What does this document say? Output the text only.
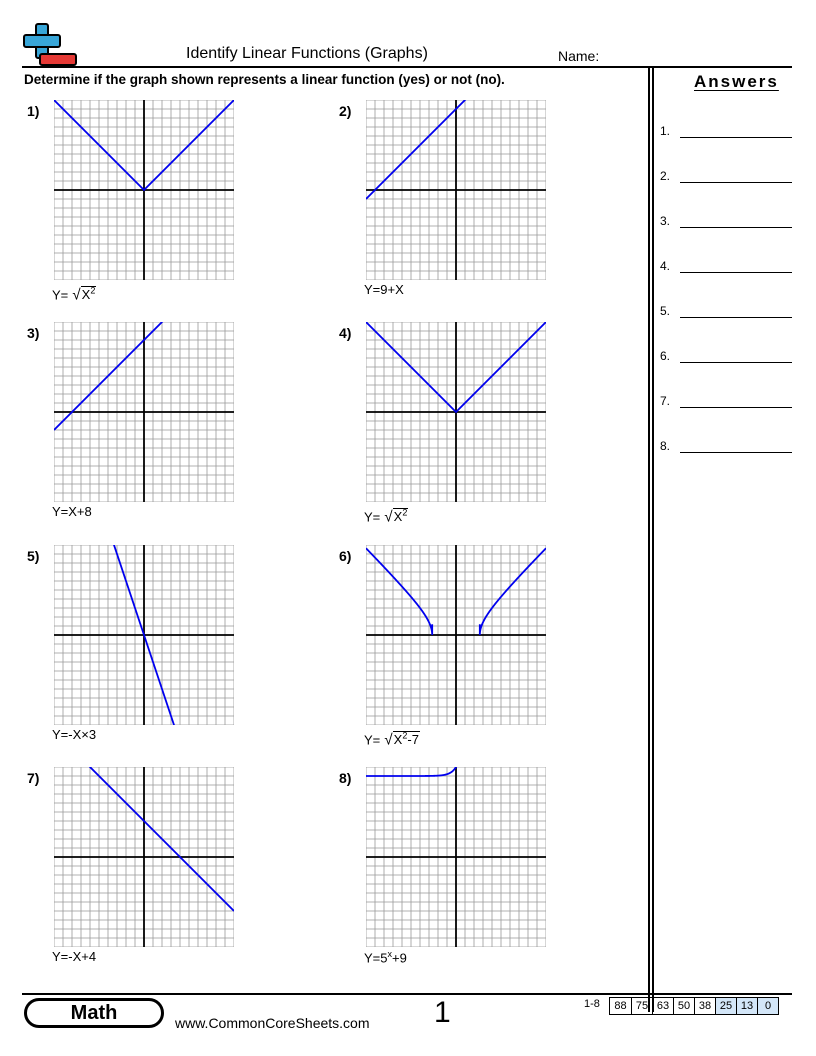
Identify Linear Functions (Graphs)	Name:
Determine if the graph shown represents a linear function (yes) or not (no).	Answers
1.
2.
3.
4.
5.
6.
7.
8.
1)
$Y= √X^2$
2)
Y=9+X
3)
Y=X+8
4)
$Y= √X^2$
5)
Y=-X×3
6)
$Y= √X^2-7$
7)
Y=-X+4
8)
$Y=5^x+9$
Math	www.CommonCoreSheets.com 1	1-8	88 75 63 50 38 25 13	0
